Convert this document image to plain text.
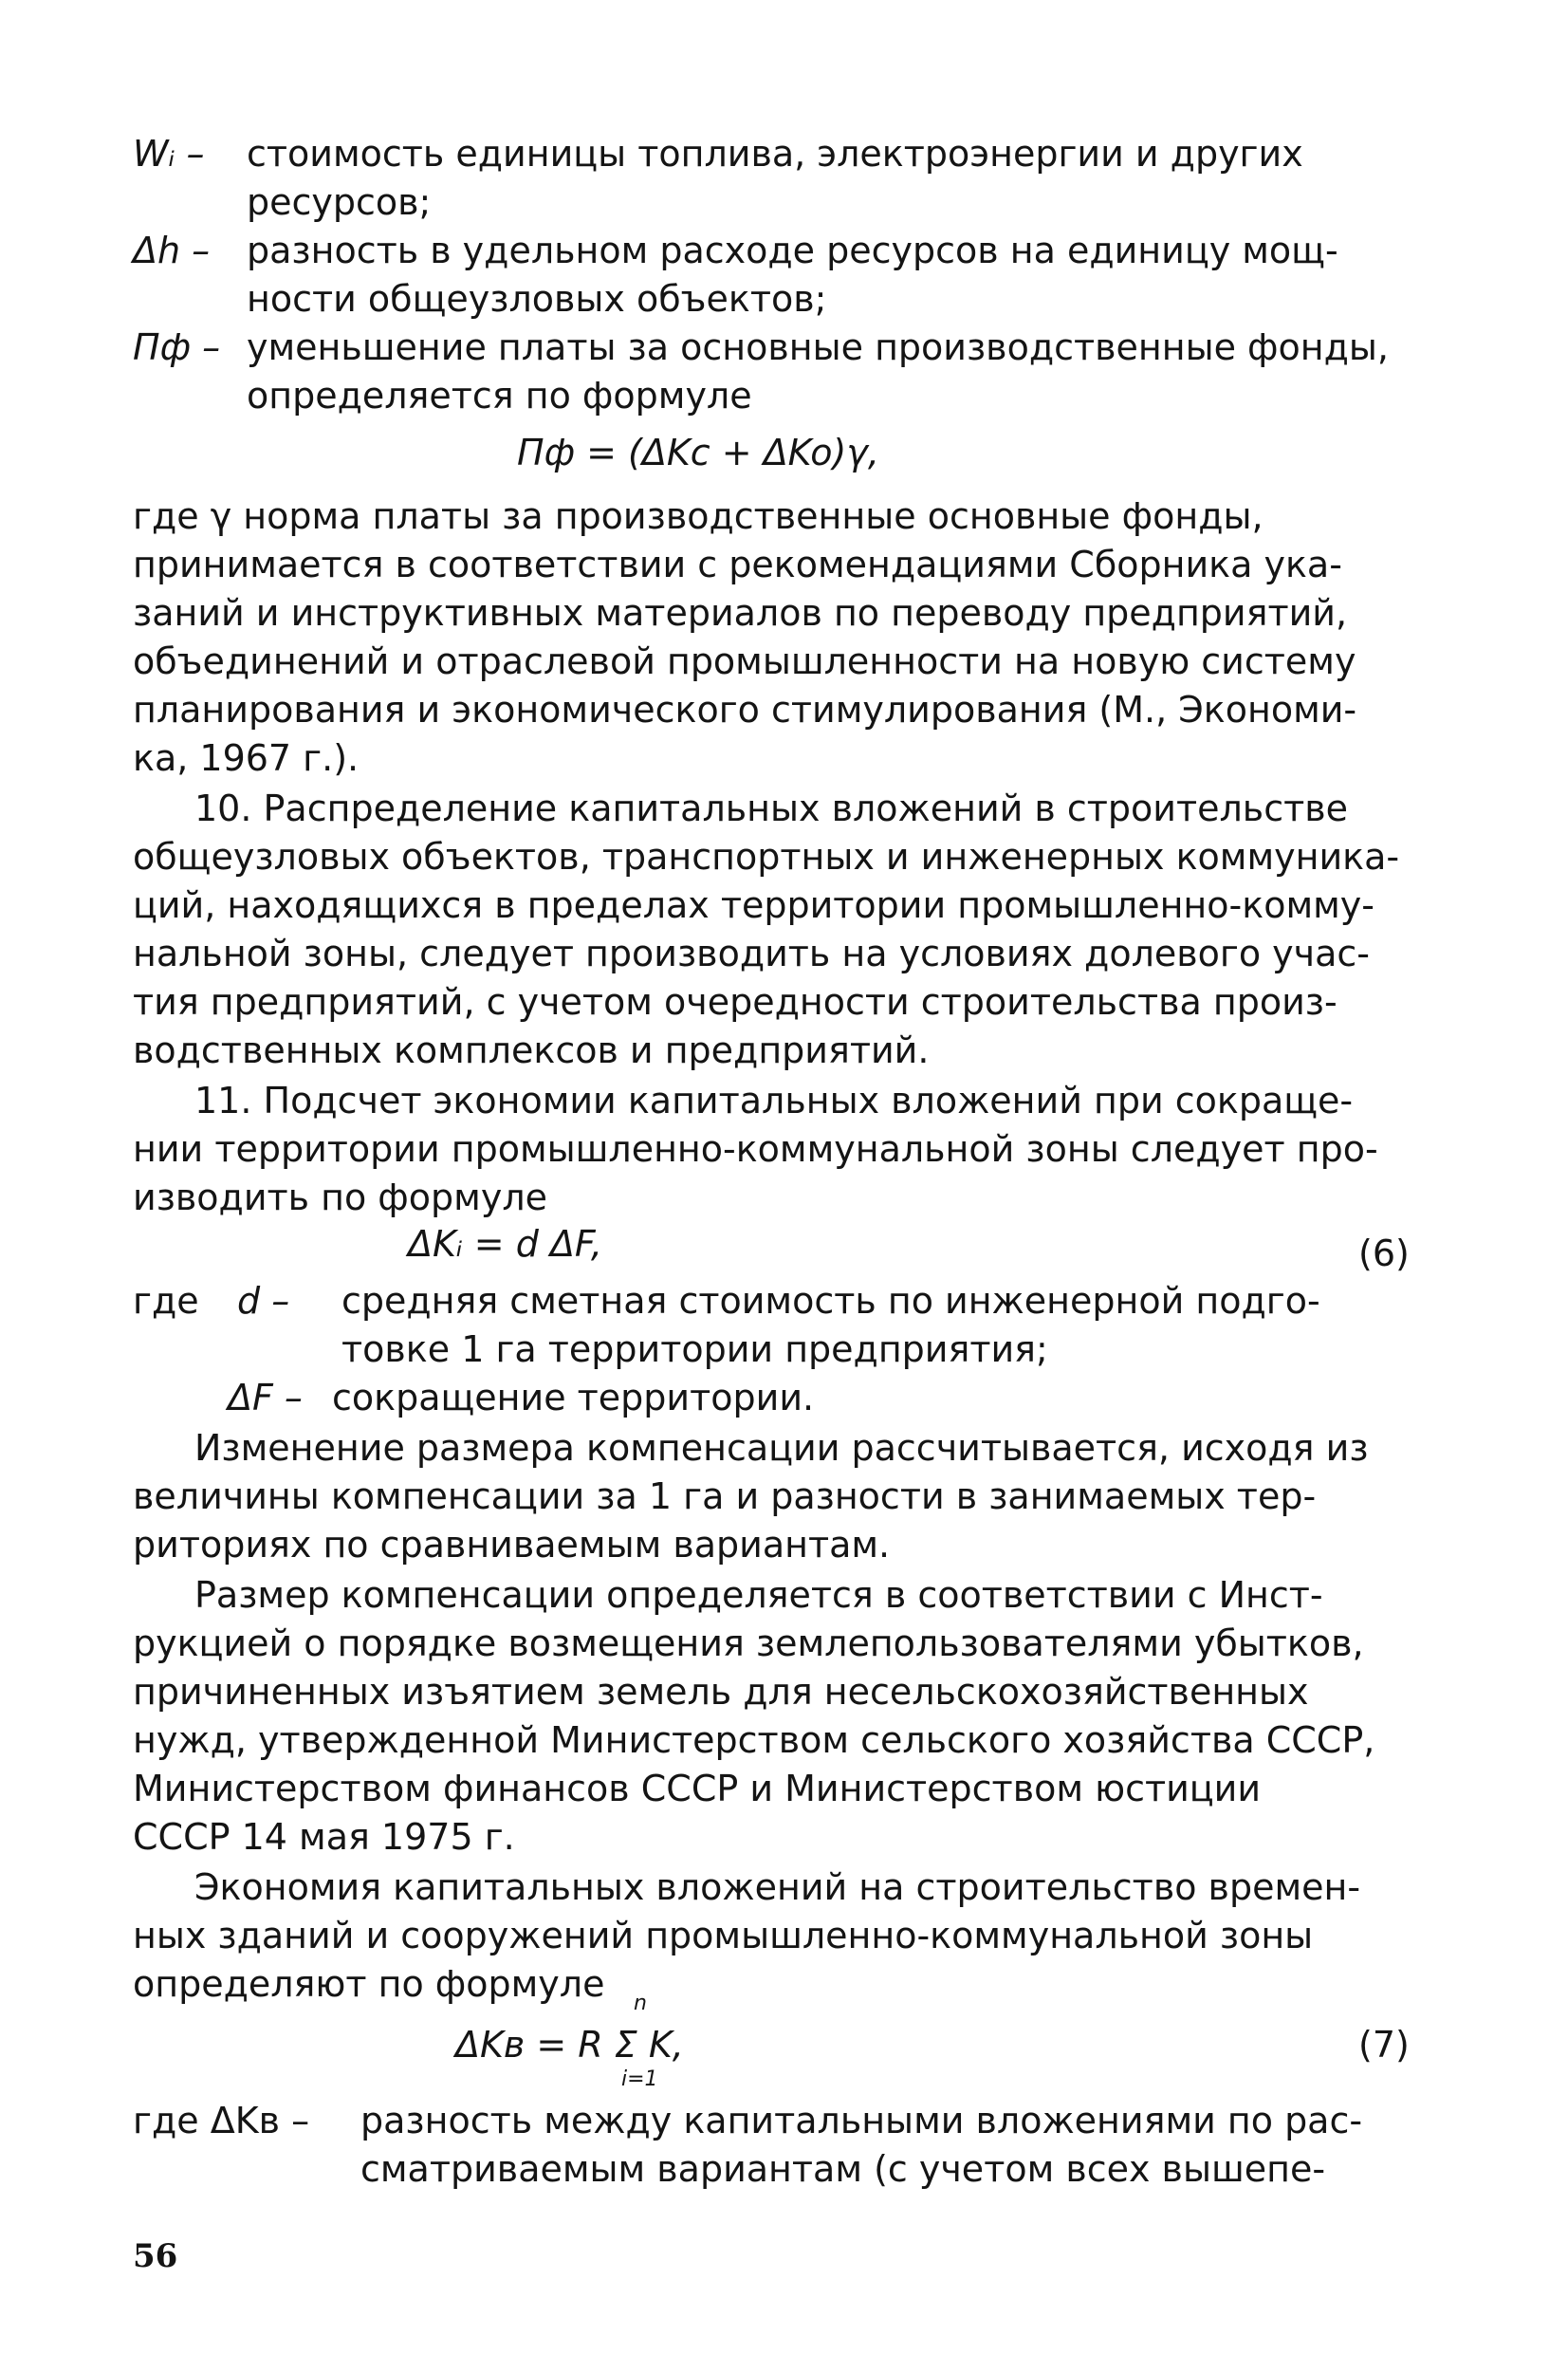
Wᵢ – стоимость единицы топлива, электроэнергии и других
ресурсов;
Δh – разность в удельном расходе ресурсов на единицу мощ-
ности общеузловых объектов;
Пф – уменьшение платы за основные производственные фонды,
определяется по формуле
Пф = (ΔKc + ΔKo)γ,
где γ норма платы за производственные основные фонды,
принимается в соответствии с рекомендациями Сборника ука-
заний и инструктивных материалов по переводу предприятий,
объединений и отраслевой промышленности на новую систему
планирования и экономического стимулирования (М., Экономи-
ка, 1967 г.).
10. Распределение капитальных вложений в строительстве
общеузловых объектов, транспортных и инженерных коммуника-
ций, находящихся в пределах территории промышленно-комму-
нальной зоны, следует производить на условиях долевого учас-
тия предприятий, с учетом очередности строительства произ-
водственных комплексов и предприятий.
11. Подсчет экономии капитальных вложений при сокраще-
нии территории промышленно-коммунальной зоны следует про-
изводить по формуле
ΔKᵢ = d ΔF,	(6)
где d – средняя сметная стоимость по инженерной подго-
товке 1 га территории предприятия;
ΔF – сокращение территории.
Изменение размера компенсации рассчитывается, исходя из
величины компенсации за 1 га и разности в занимаемых тер-
риториях по сравниваемым вариантам.
Размер компенсации определяется в соответствии с Инст-
рукцией о порядке возмещения землепользователями убытков,
причиненных изъятием земель для несельскохозяйственных
нужд, утвержденной Министерством сельского хозяйства СССР,
Министерством финансов СССР и Министерством юстиции
СССР 14 мая 1975 г.
Экономия капитальных вложений на строительство времен-
ных зданий и сооружений промышленно-коммунальной зоны
определяют по формуле
ΔKв = R Σ K,
n
i=1
(7)
где ΔKв – разность между капитальными вложениями по рас-
сматриваемым вариантам (с учетом всех вышепе-
56
